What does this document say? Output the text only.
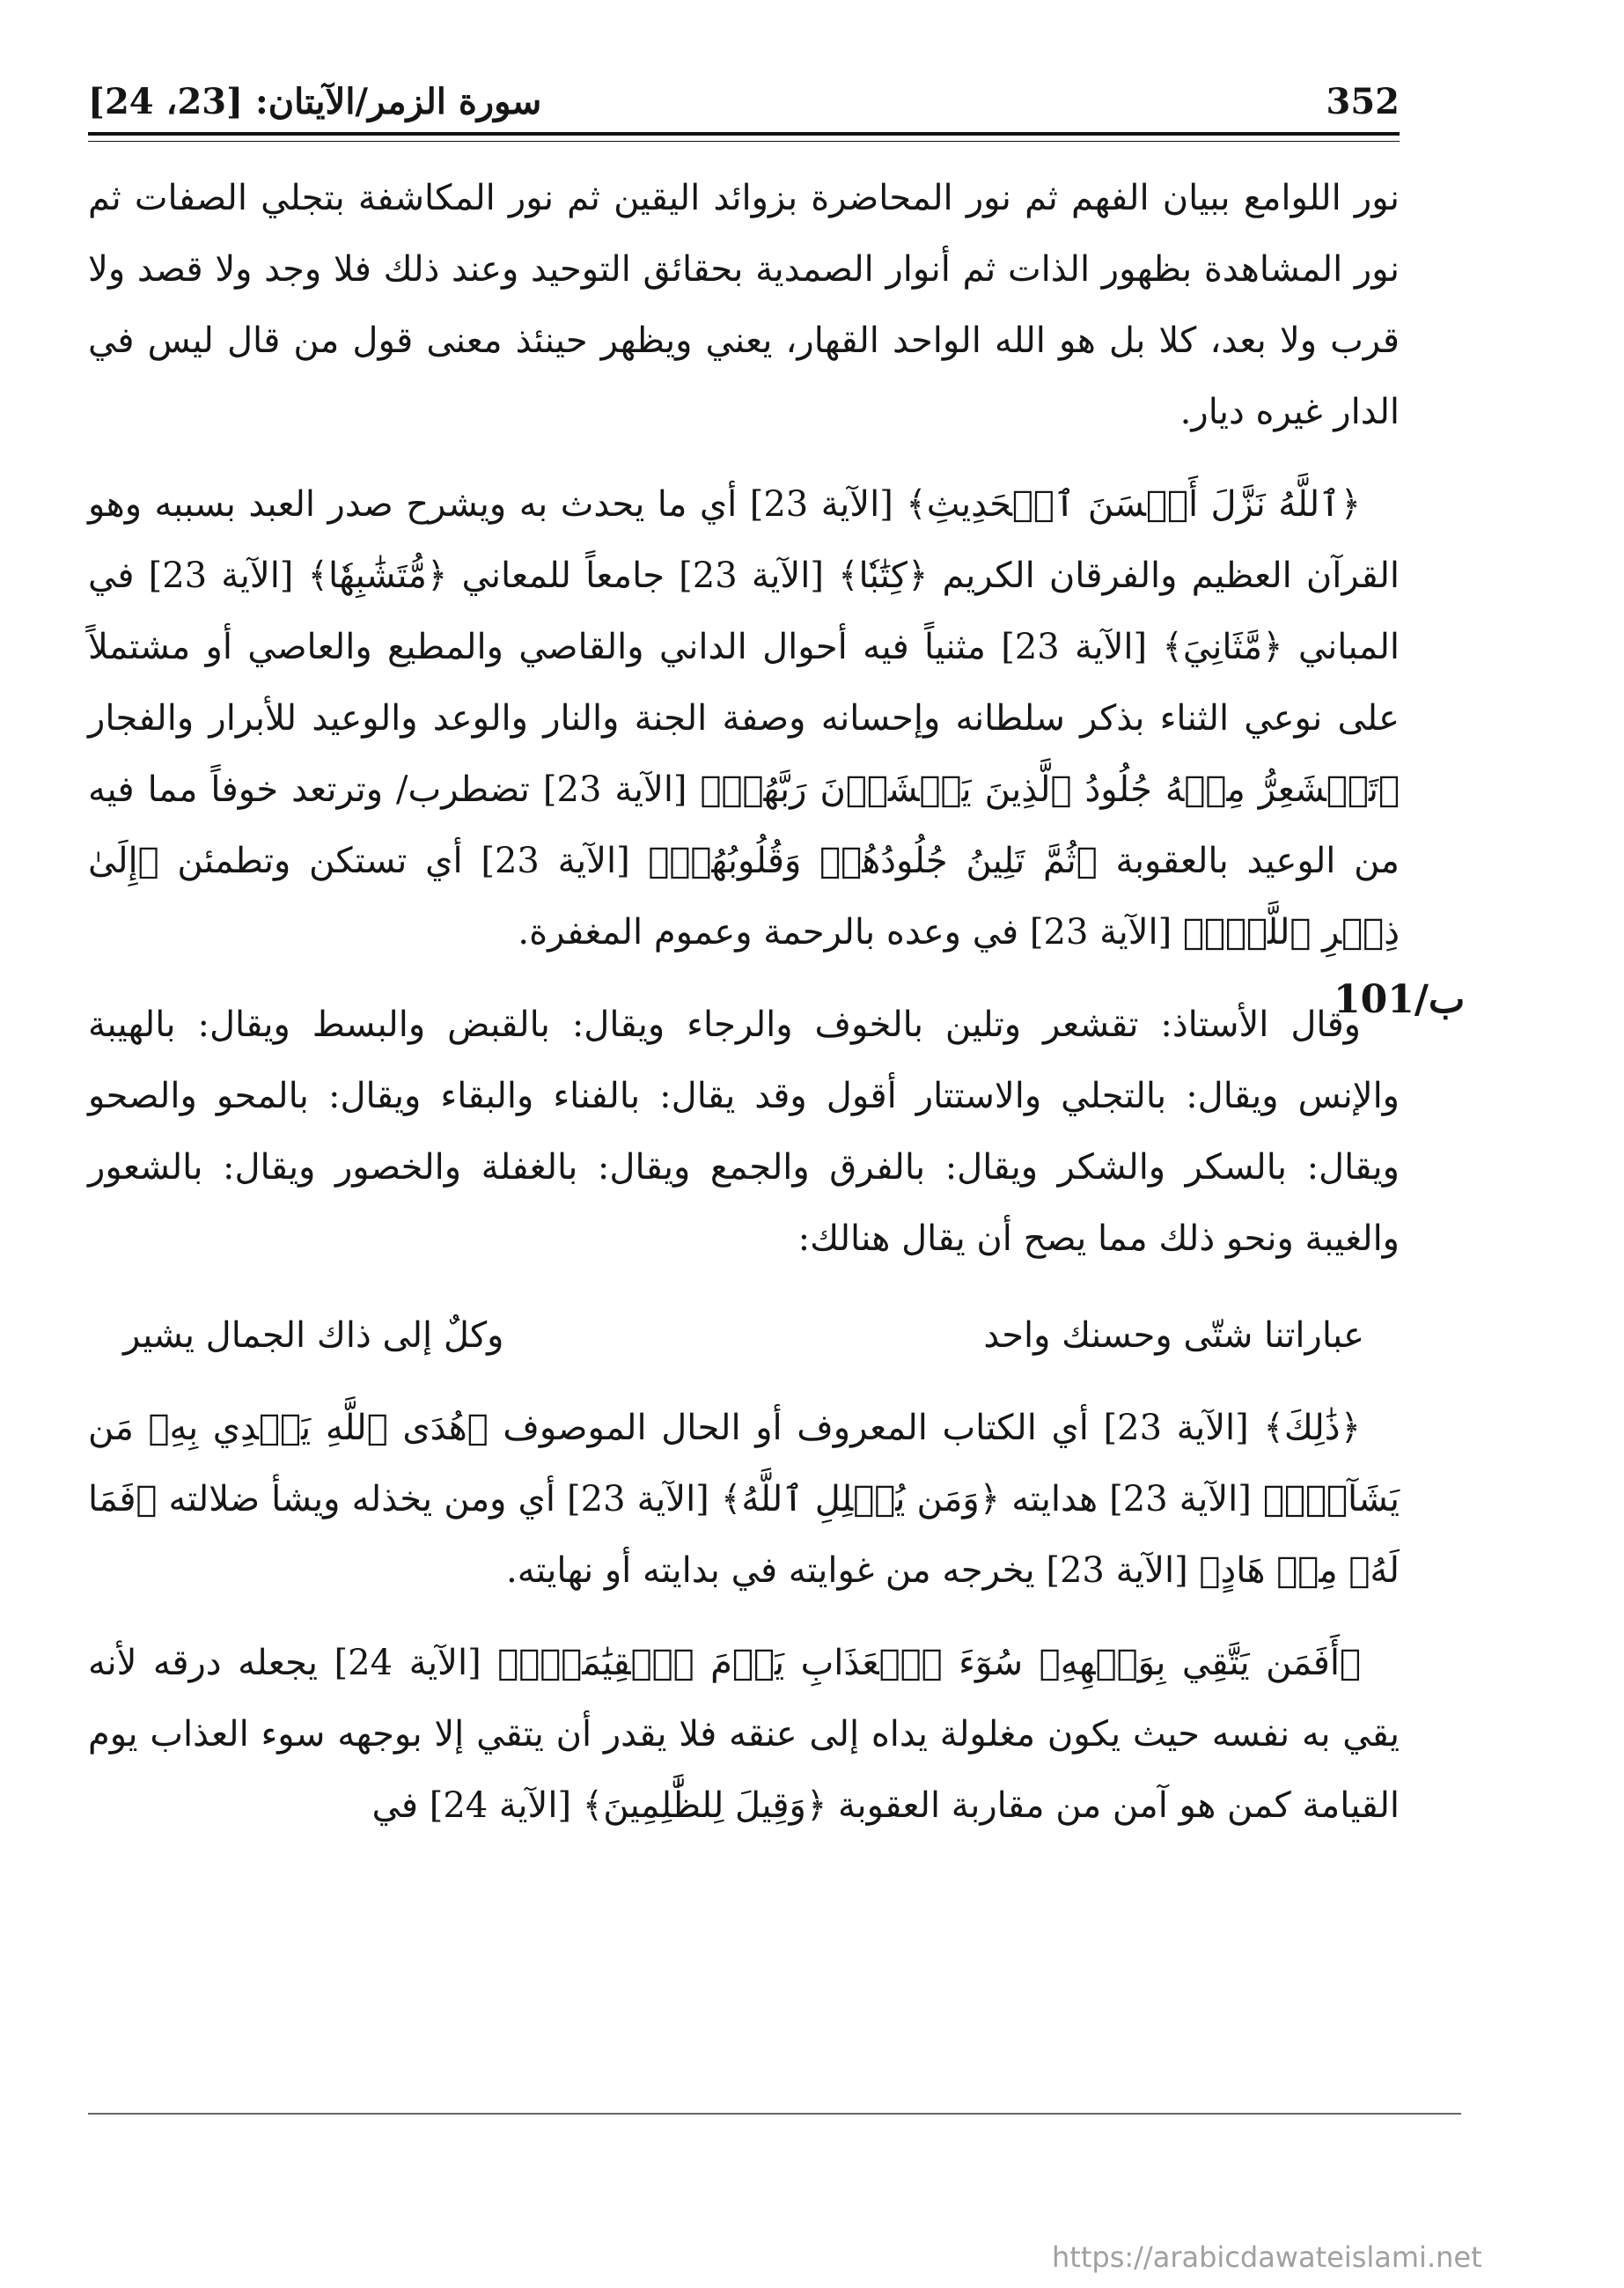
352
سورة الزمر/الآيتان: [23، 24]
101/ب

نور اللوامع ببيان الفهم ثم نور المحاضرة بزوائد اليقين ثم نور المكاشفة بتجلي الصفات ثم نور المشاهدة بظهور الذات ثم أنوار الصمدية بحقائق التوحيد وعند ذلك فلا وجد ولا قصد ولا قرب ولا بعد، كلا بل هو الله الواحد القهار، يعني ويظهر حينئذ معنى قول من قال ليس في الدار غيره ديار.

﴿ٱللَّهُ نَزَّلَ أَحۡسَنَ ٱلۡحَدِيثِ﴾ [الآية 23] أي ما يحدث به ويشرح صدر العبد بسببه وهو القرآن العظيم والفرقان الكريم ﴿كِتَٰبٗا﴾ [الآية 23] جامعاً للمعاني ﴿مُّتَشَٰبِهٗا﴾ [الآية 23] في المباني ﴿مَّثَانِيَ﴾ [الآية 23] مثنياً فيه أحوال الداني والقاصي والمطيع والعاصي أو مشتملاً على نوعي الثناء بذكر سلطانه وإحسانه وصفة الجنة والنار والوعد والوعيد للأبرار والفجار ﴿تَقۡشَعِرُّ مِنۡهُ جُلُودُ ٱلَّذِينَ يَخۡشَوۡنَ رَبَّهُمۡ﴾ [الآية 23] تضطرب/ وترتعد خوفاً مما فيه من الوعيد بالعقوبة ﴿ثُمَّ تَلِينُ جُلُودُهُمۡ وَقُلُوبُهُمۡ﴾ [الآية 23] أي تستكن وتطمئن ﴿إِلَىٰ ذِكۡرِ ٱللَّهِۚ﴾ [الآية 23] في وعده بالرحمة وعموم المغفرة.

وقال الأستاذ: تقشعر وتلين بالخوف والرجاء ويقال: بالقبض والبسط ويقال: بالهيبة والإنس ويقال: بالتجلي والاستتار أقول وقد يقال: بالفناء والبقاء ويقال: بالمحو والصحو ويقال: بالسكر والشكر ويقال: بالفرق والجمع ويقال: بالغفلة والخصور ويقال: بالشعور والغيبة ونحو ذلك مما يصح أن يقال هنالك:

عباراتنا شتّى وحسنك واحد
وكلٌ إلى ذاك الجمال يشير

﴿ذَٰلِكَ﴾ [الآية 23] أي الكتاب المعروف أو الحال الموصوف ﴿هُدَى ٱللَّهِ يَهۡدِي بِهِۦ مَن يَشَآءُۚ﴾ [الآية 23] هدايته ﴿وَمَن يُضۡلِلِ ٱللَّهُ﴾ [الآية 23] أي ومن يخذله ويشأ ضلالته ﴿فَمَا لَهُۥ مِنۡ هَادٍ﴾ [الآية 23] يخرجه من غوايته في بدايته أو نهايته.

﴿أَفَمَن يَتَّقِي بِوَجۡهِهِۦ سُوٓءَ ٱلۡعَذَابِ يَوۡمَ ٱلۡقِيَٰمَةِۚ﴾ [الآية 24] يجعله درقه لأنه يقي به نفسه حيث يكون مغلولة يداه إلى عنقه فلا يقدر أن يتقي إلا بوجهه سوء العذاب يوم القيامة كمن هو آمن من مقاربة العقوبة ﴿وَقِيلَ لِلظَّٰلِمِينَ﴾ [الآية 24] في

https://arabicdawateislami.net
